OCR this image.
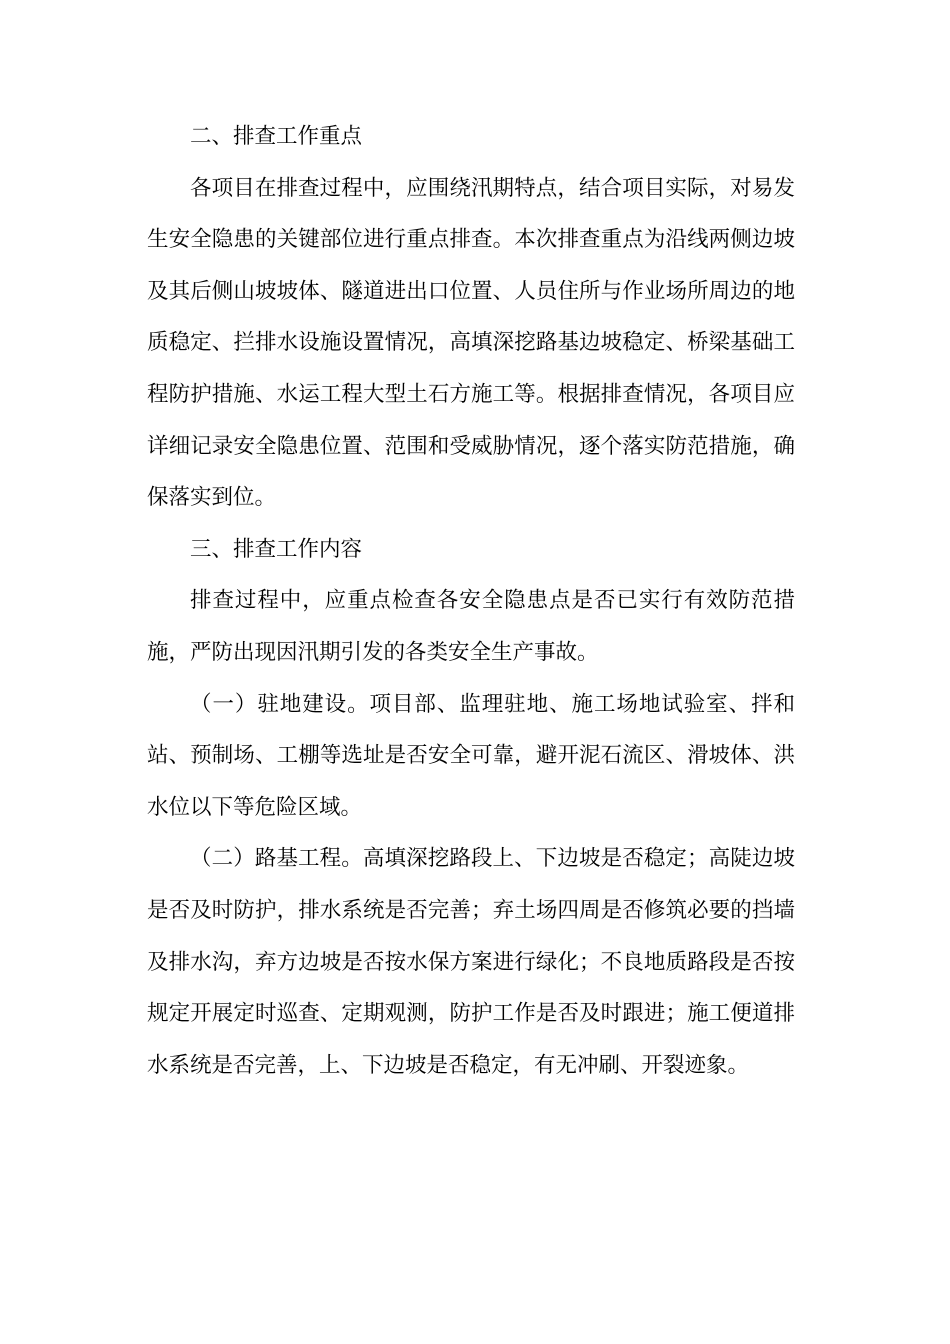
二、排查工作重点

各项目在排查过程中，应围绕汛期特点，结合项目实际，对易发生安全隐患的关键部位进行重点排查。本次排查重点为沿线两侧边坡及其后侧山坡坡体、隧道进出口位置、人员住所与作业场所周边的地质稳定、拦排水设施设置情况，高填深挖路基边坡稳定、桥梁基础工程防护措施、水运工程大型土石方施工等。根据排查情况，各项目应详细记录安全隐患位置、范围和受威胁情况，逐个落实防范措施，确保落实到位。

三、排查工作内容

排查过程中，应重点检查各安全隐患点是否已实行有效防范措施，严防出现因汛期引发的各类安全生产事故。

（一）驻地建设。项目部、监理驻地、施工场地试验室、拌和站、预制场、工棚等选址是否安全可靠，避开泥石流区、滑坡体、洪水位以下等危险区域。

（二）路基工程。高填深挖路段上、下边坡是否稳定；高陡边坡是否及时防护，排水系统是否完善；弃土场四周是否修筑必要的挡墙及排水沟，弃方边坡是否按水保方案进行绿化；不良地质路段是否按规定开展定时巡查、定期观测，防护工作是否及时跟进；施工便道排水系统是否完善，上、下边坡是否稳定，有无冲刷、开裂迹象。
